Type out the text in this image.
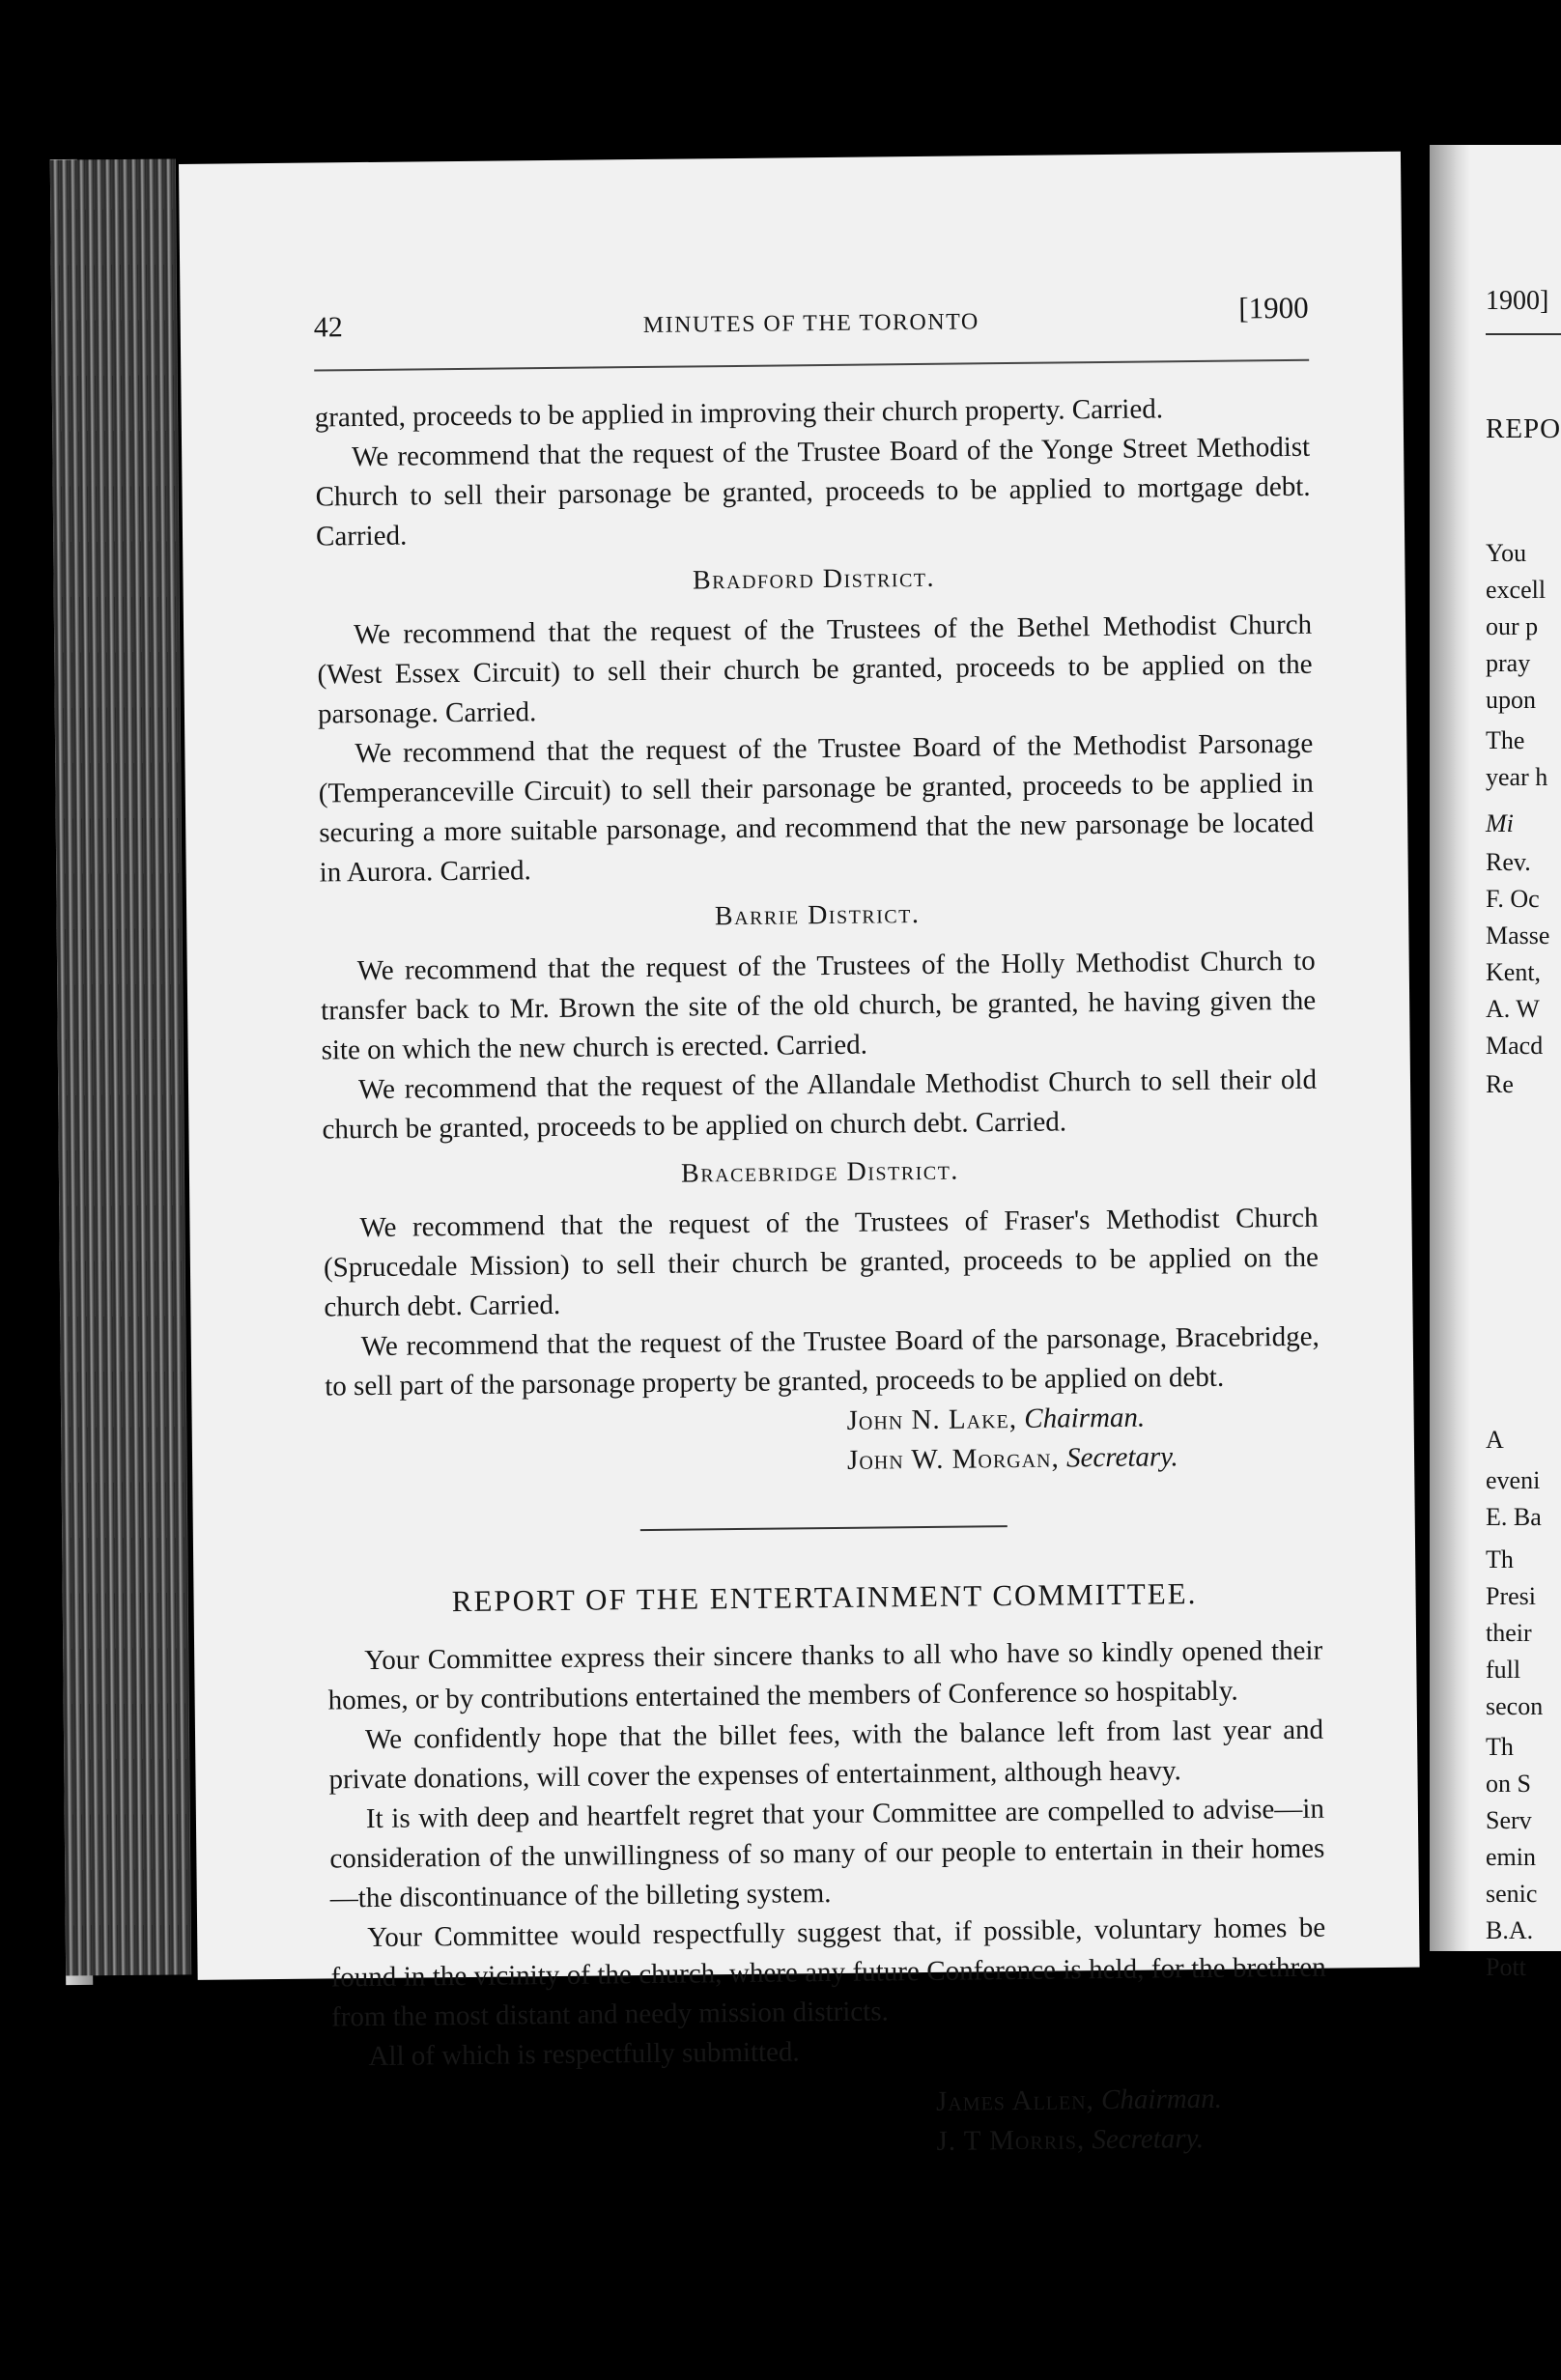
1900]
REPO
You
excell
our p
pray
upon
The
year h
Mi
Rev.
F. Oc
Masse
Kent,
A. W
Macd
Re
A
eveni
E. Ba
Th
Presi
their
full
secon
Th
on S
Serv
emin
senic
B.A.
Pott
42	MINUTES OF THE TORONTO	[1900

granted, proceeds to be applied in improving their church property. Carried.

We recommend that the request of the Trustee Board of the Yonge Street Methodist Church to sell their parsonage be granted, proceeds to be applied to mortgage debt. Carried.

Bradford District.

We recommend that the request of the Trustees of the Bethel Methodist Church (West Essex Circuit) to sell their church be granted, proceeds to be applied on the parsonage. Carried.

We recommend that the request of the Trustee Board of the Methodist Parsonage (Temperanceville Circuit) to sell their parsonage be granted, proceeds to be applied in securing a more suitable parsonage, and recommend that the new parsonage be located in Aurora. Carried.

Barrie District.

We recommend that the request of the Trustees of the Holly Methodist Church to transfer back to Mr. Brown the site of the old church, be granted, he having given the site on which the new church is erected. Carried.

We recommend that the request of the Allandale Methodist Church to sell their old church be granted, proceeds to be applied on church debt. Carried.

Bracebridge District.

We recommend that the request of the Trustees of Fraser's Methodist Church (Sprucedale Mission) to sell their church be granted, proceeds to be applied on the church debt. Carried.

We recommend that the request of the Trustee Board of the parsonage, Bracebridge, to sell part of the parsonage property be granted, proceeds to be applied on debt.

John N. Lake, Chairman.
John W. Morgan, Secretary.
REPORT OF THE ENTERTAINMENT COMMITTEE.

Your Committee express their sincere thanks to all who have so kindly opened their homes, or by contributions entertained the members of Conference so hospitably.

We confidently hope that the billet fees, with the balance left from last year and private donations, will cover the expenses of entertainment, although heavy.

It is with deep and heartfelt regret that your Committee are compelled to advise—in consideration of the unwillingness of so many of our people to entertain in their homes—the discontinuance of the billeting system.

Your Committee would respectfully suggest that, if possible, voluntary homes be found in the vicinity of the church, where any future Conference is held, for the brethren from the most distant and needy mission districts.

All of which is respectfully submitted.

James Allen, Chairman.
J. T Morris, Secretary.
